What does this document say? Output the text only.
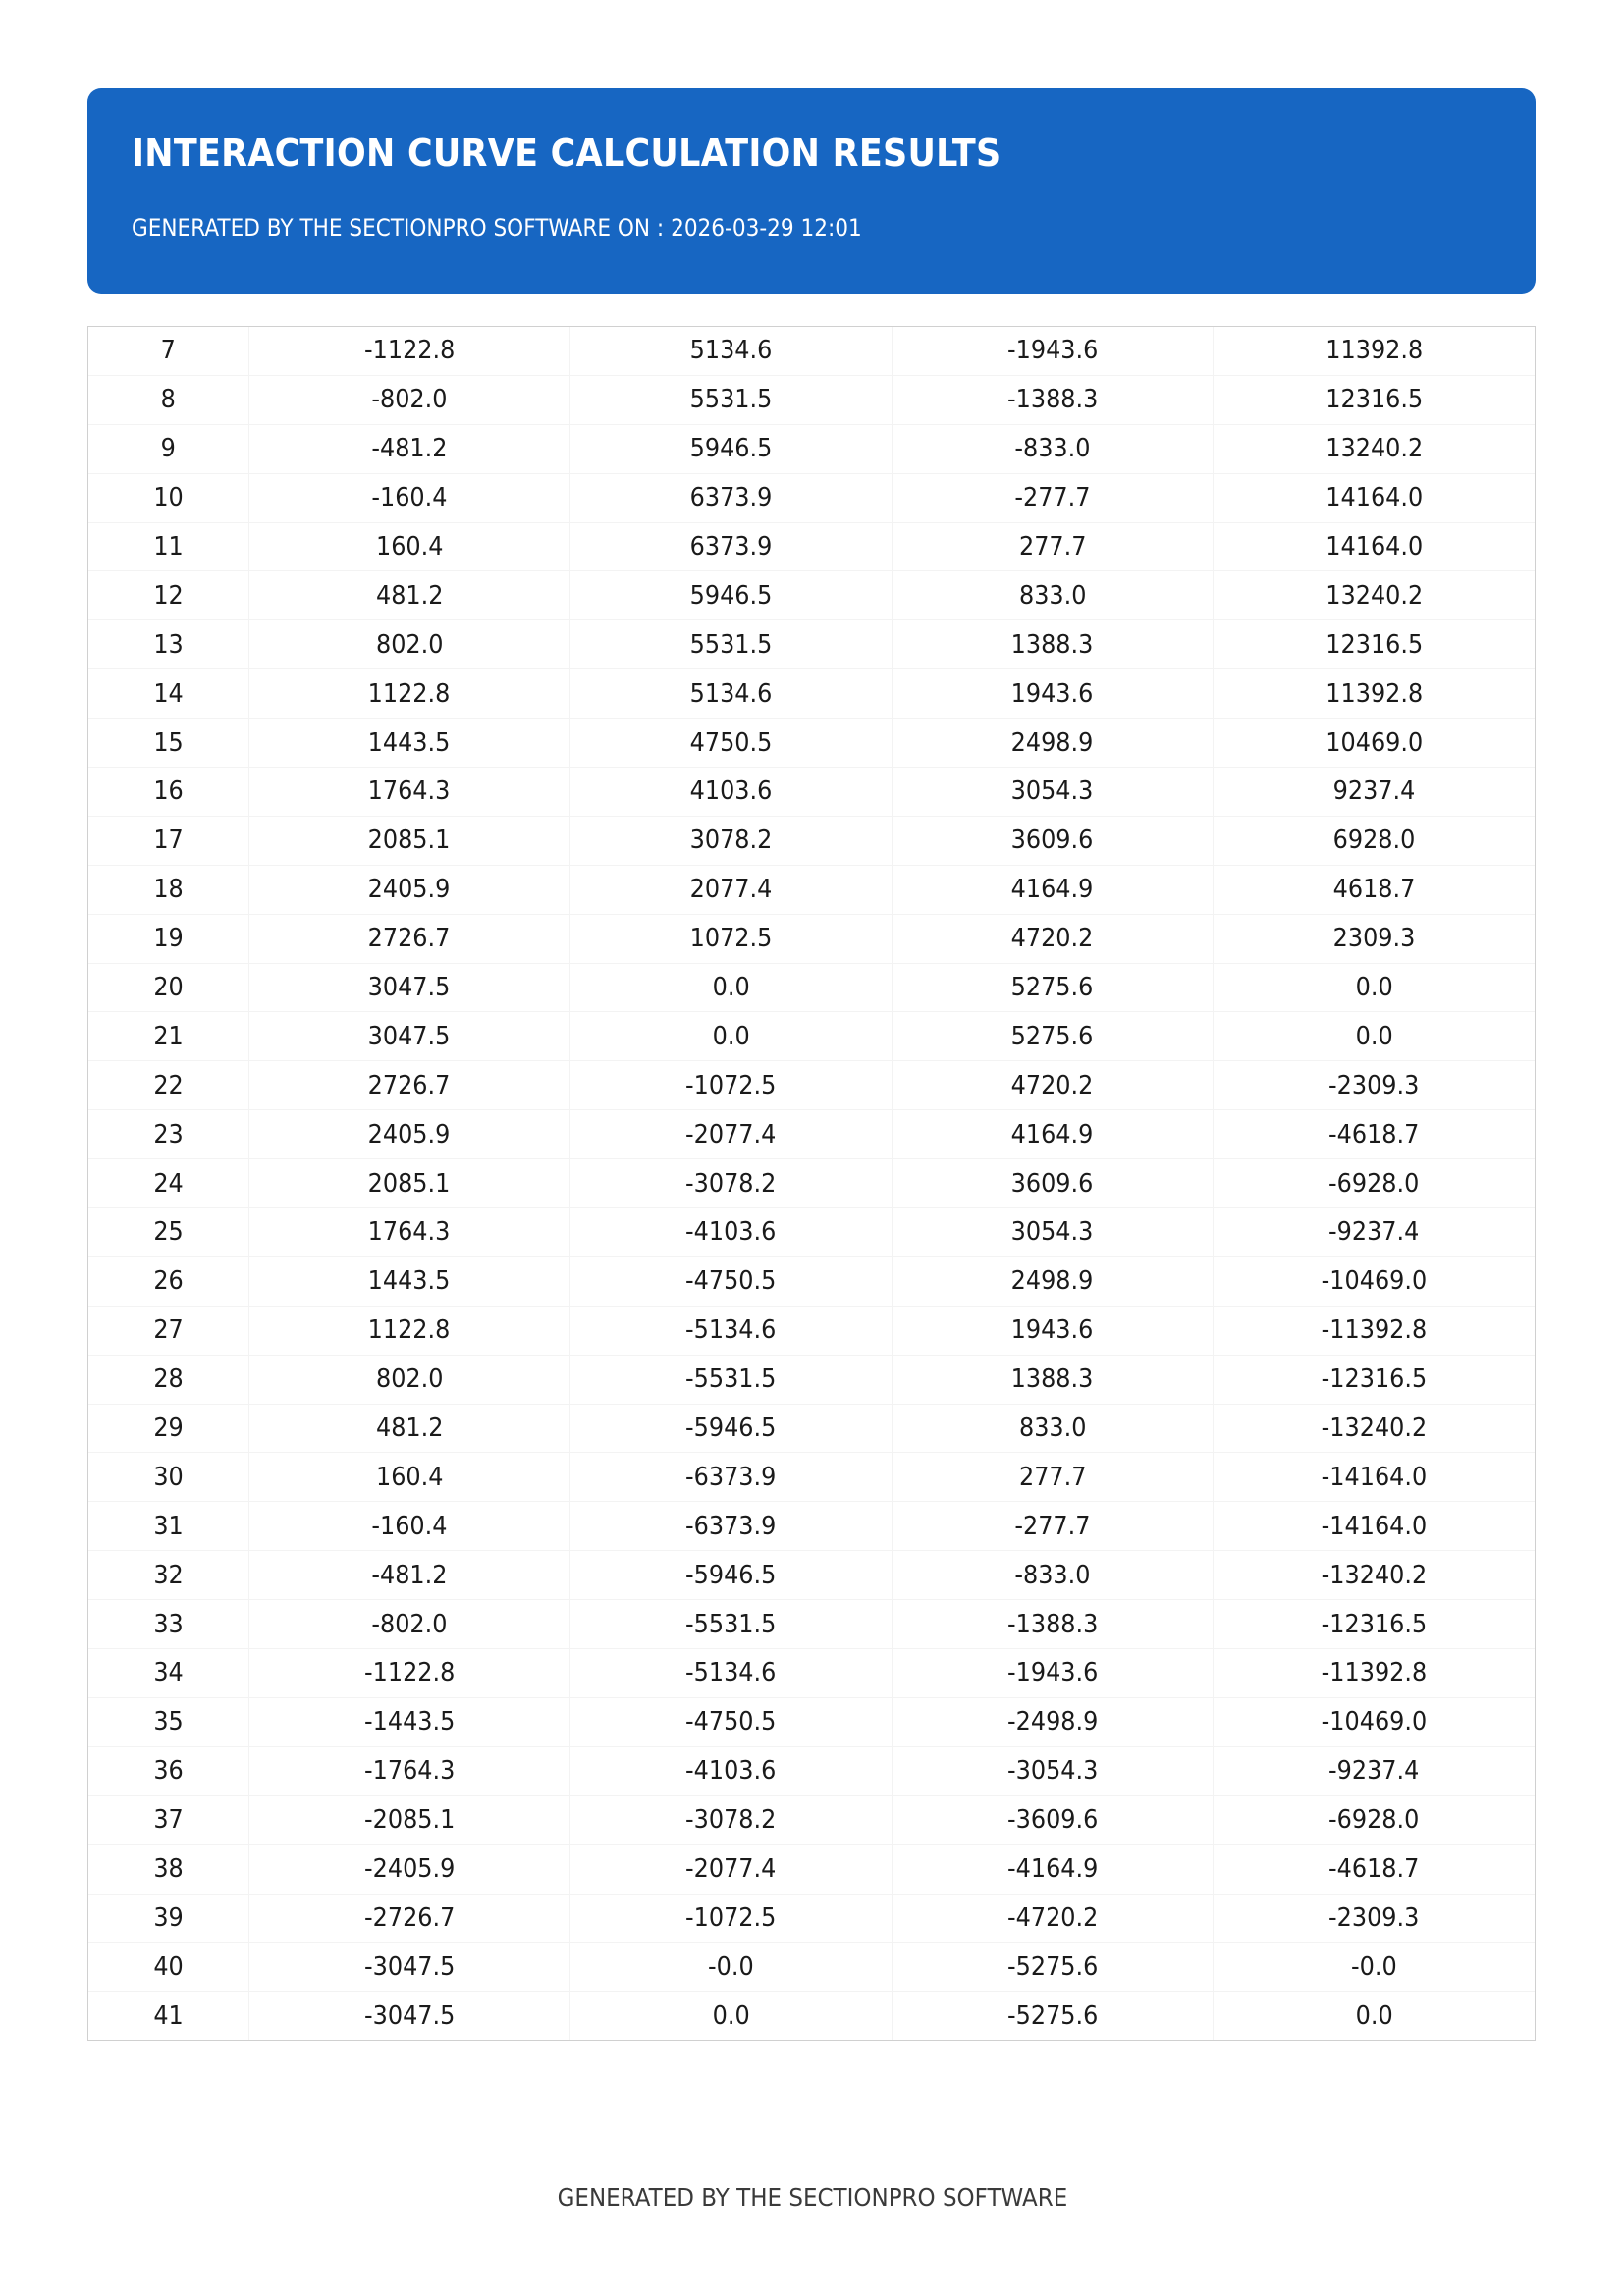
INTERACTION CURVE CALCULATION RESULTS

GENERATED BY THE SECTIONPRO SOFTWARE ON : 2026-03-29 12:01

7	-1122.8	5134.6	-1943.6	11392.8
8	-802.0	5531.5	-1388.3	12316.5
9	-481.2	5946.5	-833.0	13240.2
10	-160.4	6373.9	-277.7	14164.0
11	160.4	6373.9	277.7	14164.0
12	481.2	5946.5	833.0	13240.2
13	802.0	5531.5	1388.3	12316.5
14	1122.8	5134.6	1943.6	11392.8
15	1443.5	4750.5	2498.9	10469.0
16	1764.3	4103.6	3054.3	9237.4
17	2085.1	3078.2	3609.6	6928.0
18	2405.9	2077.4	4164.9	4618.7
19	2726.7	1072.5	4720.2	2309.3
20	3047.5	0.0	5275.6	0.0
21	3047.5	0.0	5275.6	0.0
22	2726.7	-1072.5	4720.2	-2309.3
23	2405.9	-2077.4	4164.9	-4618.7
24	2085.1	-3078.2	3609.6	-6928.0
25	1764.3	-4103.6	3054.3	-9237.4
26	1443.5	-4750.5	2498.9	-10469.0
27	1122.8	-5134.6	1943.6	-11392.8
28	802.0	-5531.5	1388.3	-12316.5
29	481.2	-5946.5	833.0	-13240.2
30	160.4	-6373.9	277.7	-14164.0
31	-160.4	-6373.9	-277.7	-14164.0
32	-481.2	-5946.5	-833.0	-13240.2
33	-802.0	-5531.5	-1388.3	-12316.5
34	-1122.8	-5134.6	-1943.6	-11392.8
35	-1443.5	-4750.5	-2498.9	-10469.0
36	-1764.3	-4103.6	-3054.3	-9237.4
37	-2085.1	-3078.2	-3609.6	-6928.0
38	-2405.9	-2077.4	-4164.9	-4618.7
39	-2726.7	-1072.5	-4720.2	-2309.3
40	-3047.5	-0.0	-5275.6	-0.0
41	-3047.5	0.0	-5275.6	0.0
GENERATED BY THE SECTIONPRO SOFTWARE
